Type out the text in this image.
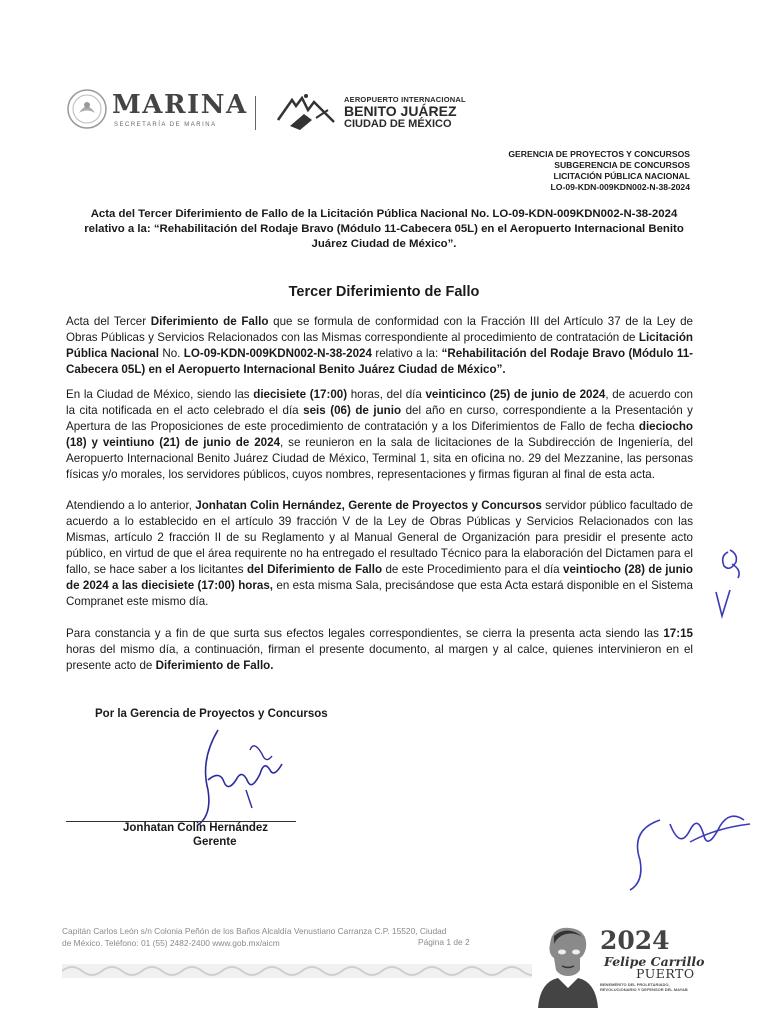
MARINA
SECRETARÍA DE MARINA
AEROPUERTO INTERNACIONAL
BENITO JUÁREZ
CIUDAD DE MÉXICO
GERENCIA DE PROYECTOS Y CONCURSOS
SUBGERENCIA DE CONCURSOS
LICITACIÓN PÚBLICA NACIONAL
LO-09-KDN-009KDN002-N-38-2024
Acta del Tercer Diferimiento de Fallo de la Licitación Pública Nacional No. LO-09-KDN-009KDN002-N-38-2024 relativo a la: “Rehabilitación del Rodaje Bravo (Módulo 11-Cabecera 05L) en el Aeropuerto Internacional Benito Juárez Ciudad de México”.
Tercer Diferimiento de Fallo
Acta del Tercer Diferimiento de Fallo que se formula de conformidad con la Fracción III del Artículo 37 de la Ley de Obras Públicas y Servicios Relacionados con las Mismas correspondiente al procedimiento de contratación de Licitación Pública Nacional No. LO-09-KDN-009KDN002-N-38-2024 relativo a la: “Rehabilitación del Rodaje Bravo (Módulo 11-Cabecera 05L) en el Aeropuerto Internacional Benito Juárez Ciudad de México”.
En la Ciudad de México, siendo las diecisiete (17:00) horas, del día veinticinco (25) de junio de 2024, de acuerdo con la cita notificada en el acto celebrado el día seis (06) de junio del año en curso, correspondiente a la Presentación y Apertura de las Proposiciones de este procedimiento de contratación y a los Diferimientos de Fallo de fecha dieciocho (18) y veintiuno (21) de junio de 2024, se reunieron en la sala de licitaciones de la Subdirección de Ingeniería, del Aeropuerto Internacional Benito Juárez Ciudad de México, Terminal 1, sita en oficina no. 29 del Mezzanine, las personas físicas y/o morales, los servidores públicos, cuyos nombres, representaciones y firmas figuran al final de esta acta.
Atendiendo a lo anterior, Jonhatan Colin Hernández, Gerente de Proyectos y Concursos servidor público facultado de acuerdo a lo establecido en el artículo 39 fracción V de la Ley de Obras Públicas y Servicios Relacionados con las Mismas, artículo 2 fracción II de su Reglamento y al Manual General de Organización para presidir el presente acto público, en virtud de que el área requirente no ha entregado el resultado Técnico para la elaboración del Dictamen para el fallo, se hace saber a los licitantes del Diferimiento de Fallo de este Procedimiento para el día veintiocho (28) de junio de 2024 a las diecisiete (17:00) horas, en esta misma Sala, precisándose que esta Acta estará disponible en el Sistema Compranet este mismo día.
Para constancia y a fin de que surta sus efectos legales correspondientes, se cierra la presenta acta siendo las 17:15 horas del mismo día, a continuación, firman el presente documento, al margen y al calce, quienes intervinieron en el presente acto de Diferimiento de Fallo.
Por la Gerencia de Proyectos y Concursos
Jonhatan Colin Hernández
Gerente
Capitán Carlos León s/n Colonia Peñón de los Baños Alcaldía Venustiano Carranza C.P. 15520, Ciudad
de México. Teléfono: 01 (55) 2482-2400 www.gob.mx/aicm	Página 1 de 2	2024
Felipe Carrillo
PUERTO
BENEMÉRITO DEL PROLETARIADO, REVOLUCIONARIO Y DEFENSOR DEL MAYAB
